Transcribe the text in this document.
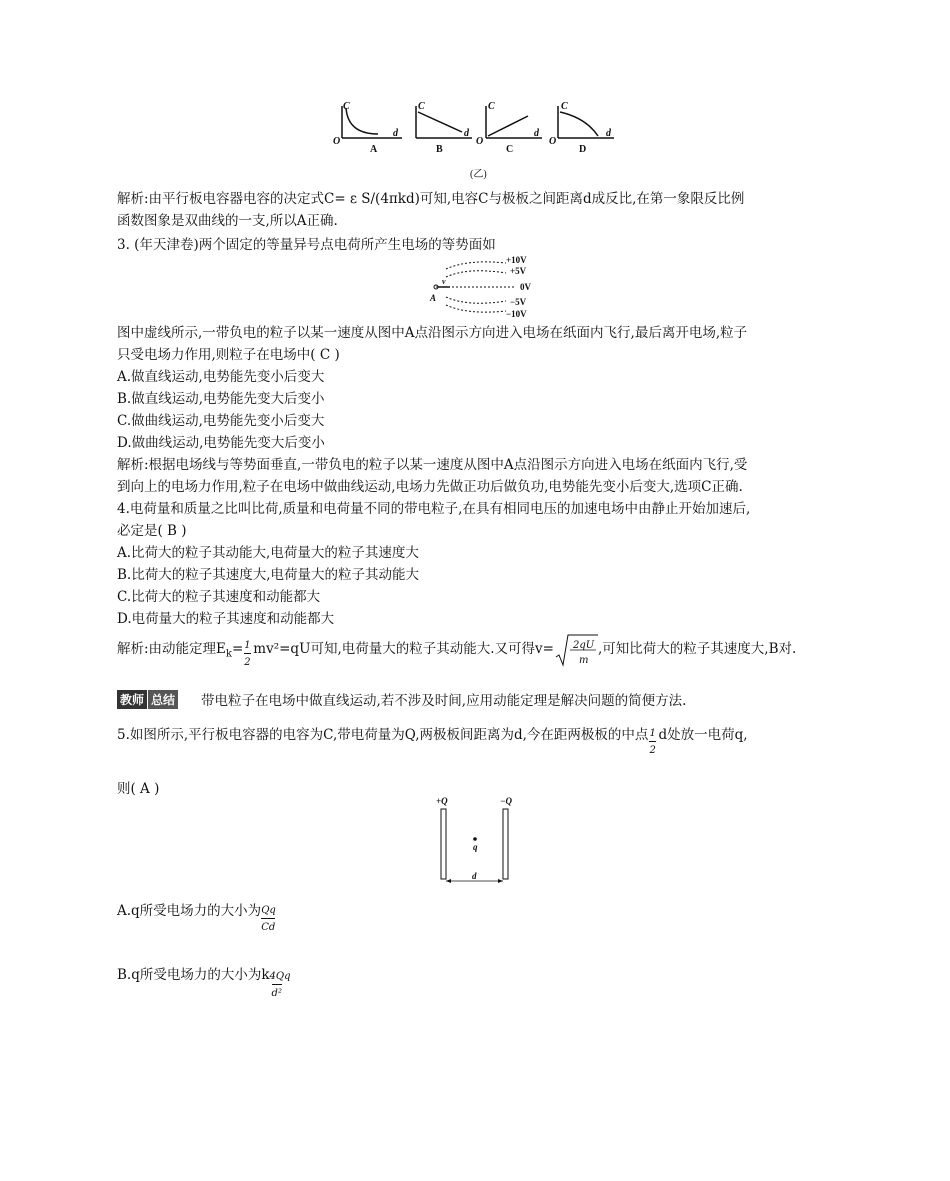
C
d
O
A
C
d
B
C
d
O
C
C
d
O
D
(乙)
解析:由平行板电容器电容的决定式C= ε S/(4πkd)可知,电容C与极板之间距离d成反比,在第一象限反比例
函数图象是双曲线的一支,所以A正确.
3. (年天津卷)两个固定的等量异号点电荷所产生电场的等势面如
+10V
+5V
0V
−5V
−10V
A
v
图中虚线所示,一带负电的粒子以某一速度从图中A点沿图示方向进入电场在纸面内飞行,最后离开电场,粒子
只受电场力作用,则粒子在电场中( C )
A.做直线运动,电势能先变小后变大
B.做直线运动,电势能先变大后变小
C.做曲线运动,电势能先变小后变大
D.做曲线运动,电势能先变大后变小
解析:根据电场线与等势面垂直,一带负电的粒子以某一速度从图中A点沿图示方向进入电场在纸面内飞行,受
到向上的电场力作用,粒子在电场中做曲线运动,电场力先做正功后做负功,电势能先变小后变大,选项C正确.
4.电荷量和质量之比叫比荷,质量和电荷量不同的带电粒子,在具有相同电压的加速电场中由静止开始加速后,
必定是( B )
A.比荷大的粒子其动能大,电荷量大的粒子其速度大
B.比荷大的粒子其速度大,电荷量大的粒子其动能大
C.比荷大的粒子其速度和动能都大
D.电荷量大的粒子其速度和动能都大
解析:由动能定理$E_k= \frac{1}{2} mv^2=qU$可知,电荷量大的粒子其动能大.又可得v= 2qU
m
,可知比荷大的粒子其速度大,B对.
教师 总结 带电粒子在电场中做直线运动,若不涉及时间,应用动能定理是解决问题的简便方法.
5.如图所示,平行板电容器的电容为C,带电荷量为Q,两极板间距离为d,今在距两极板的中点 $\frac{1}{2}$ d处放一电荷q,
则( A )
+Q	−Q
q
d
A.q所受电场力的大小为 $\frac{Qq}{Cd}$
B.q所受电场力的大小为k $\frac{4Qq}{\text{d²}}$
